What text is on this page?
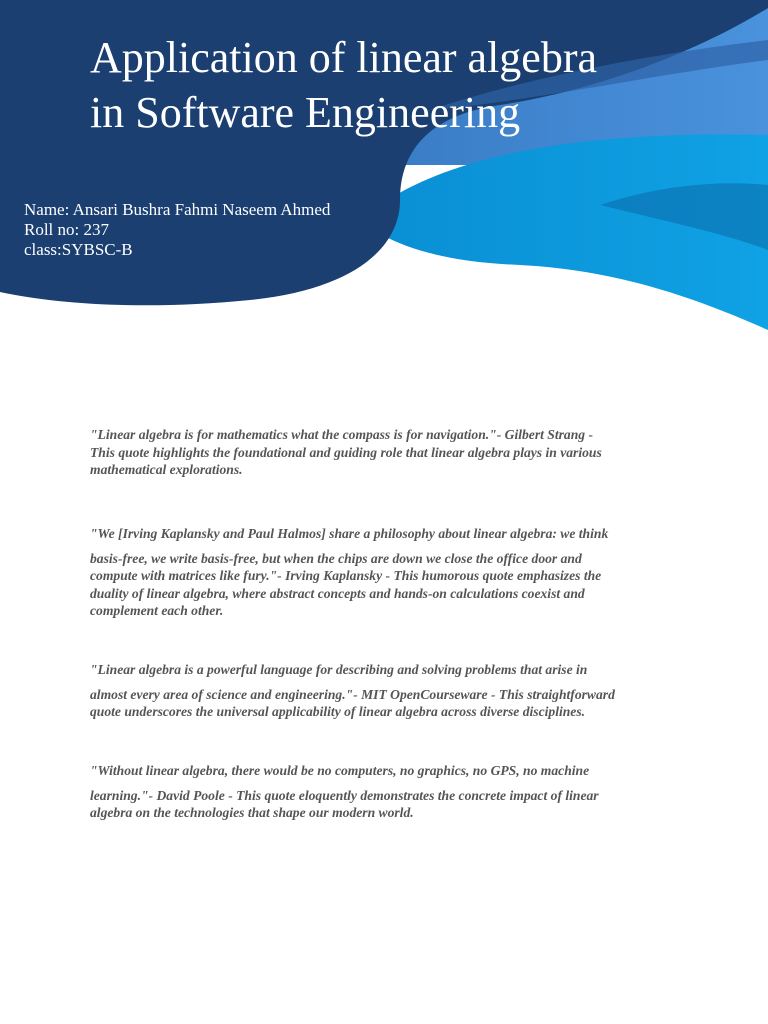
Application of linear algebra
in Software Engineering
Name: Ansari Bushra Fahmi Naseem Ahmed
Roll no: 237
class:SYBSC-B

"Linear algebra is for mathematics what the compass is for navigation."- Gilbert Strang -
This quote highlights the foundational and guiding role that linear algebra plays in various
mathematical explorations.

"We [Irving Kaplansky and Paul Halmos] share a philosophy about linear algebra: we think
basis-free, we write basis-free, but when the chips are down we close the office door and
compute with matrices like fury."- Irving Kaplansky - This humorous quote emphasizes the
duality of linear algebra, where abstract concepts and hands-on calculations coexist and
complement each other.

"Linear algebra is a powerful language for describing and solving problems that arise in
almost every area of science and engineering."- MIT OpenCourseware - This straightforward
quote underscores the universal applicability of linear algebra across diverse disciplines.

"Without linear algebra, there would be no computers, no graphics, no GPS, no machine
learning."- David Poole - This quote eloquently demonstrates the concrete impact of linear
algebra on the technologies that shape our modern world.
